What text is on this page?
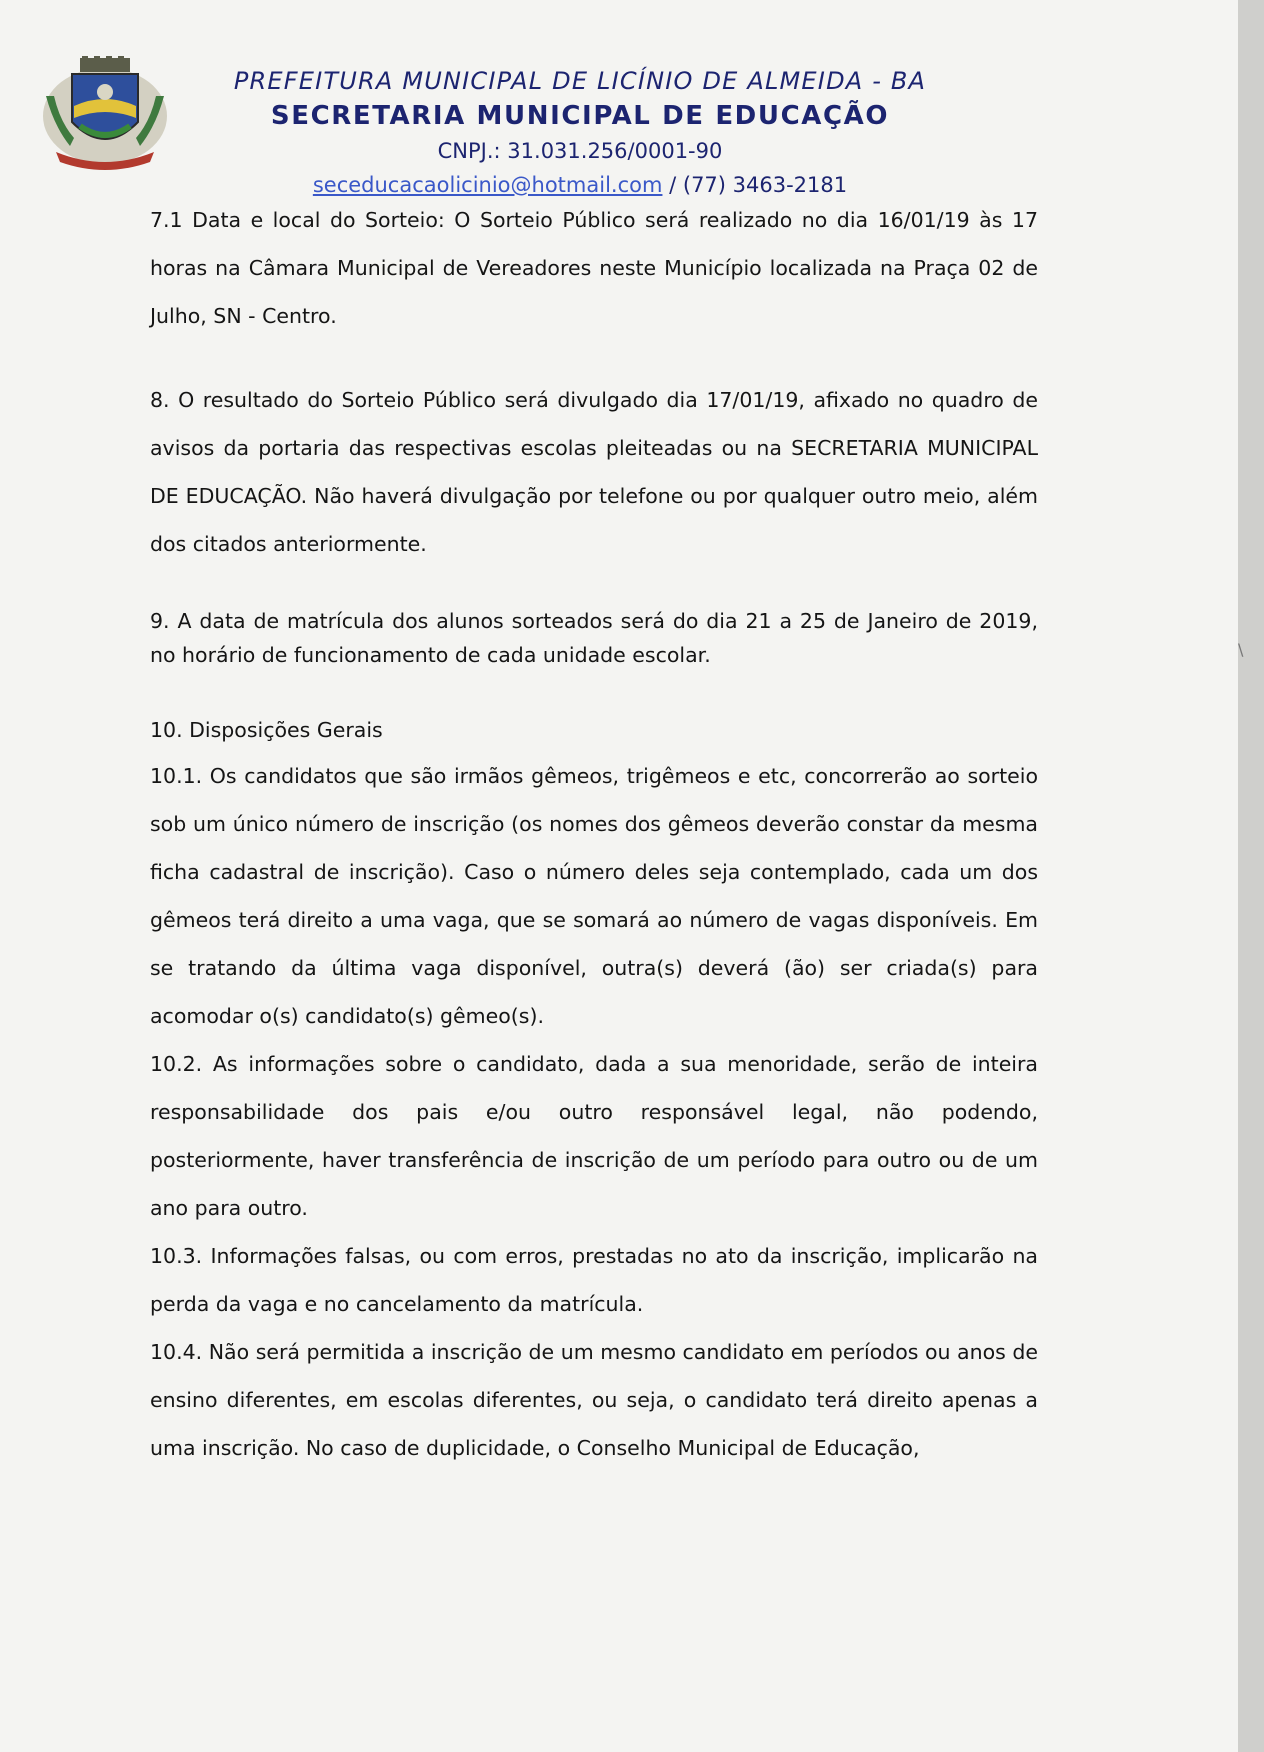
PREFEITURA MUNICIPAL DE LICÍNIO DE ALMEIDA - BA
SECRETARIA MUNICIPAL DE EDUCAÇÃO
CNPJ.: 31.031.256/0001-90
seceducacaolicinio@hotmail.com / (77) 3463-2181

7.1 Data e local do Sorteio: O Sorteio Público será realizado no dia 16/01/19 às 17 horas na Câmara Municipal de Vereadores neste Município localizada na Praça 02 de Julho, SN - Centro.

8. O resultado do Sorteio Público será divulgado dia 17/01/19, afixado no quadro de avisos da portaria das respectivas escolas pleiteadas ou na SECRETARIA MUNICIPAL DE EDUCAÇÃO. Não haverá divulgação por telefone ou por qualquer outro meio, além dos citados anteriormente.

9. A data de matrícula dos alunos sorteados será do dia 21 a 25 de Janeiro de 2019, no horário de funcionamento de cada unidade escolar.

10. Disposições Gerais

10.1. Os candidatos que são irmãos gêmeos, trigêmeos e etc, concorrerão ao sorteio sob um único número de inscrição (os nomes dos gêmeos deverão constar da mesma ficha cadastral de inscrição). Caso o número deles seja contemplado, cada um dos gêmeos terá direito a uma vaga, que se somará ao número de vagas disponíveis. Em se tratando da última vaga disponível, outra(s) deverá (ão) ser criada(s) para acomodar o(s) candidato(s) gêmeo(s).

10.2. As informações sobre o candidato, dada a sua menoridade, serão de inteira responsabilidade dos pais e/ou outro responsável legal, não podendo, posteriormente, haver transferência de inscrição de um período para outro ou de um ano para outro.

10.3. Informações falsas, ou com erros, prestadas no ato da inscrição, implicarão na perda da vaga e no cancelamento da matrícula.

10.4. Não será permitida a inscrição de um mesmo candidato em períodos ou anos de ensino diferentes, em escolas diferentes, ou seja, o candidato terá direito apenas a uma inscrição. No caso de duplicidade, o Conselho Municipal de Educação,

\
